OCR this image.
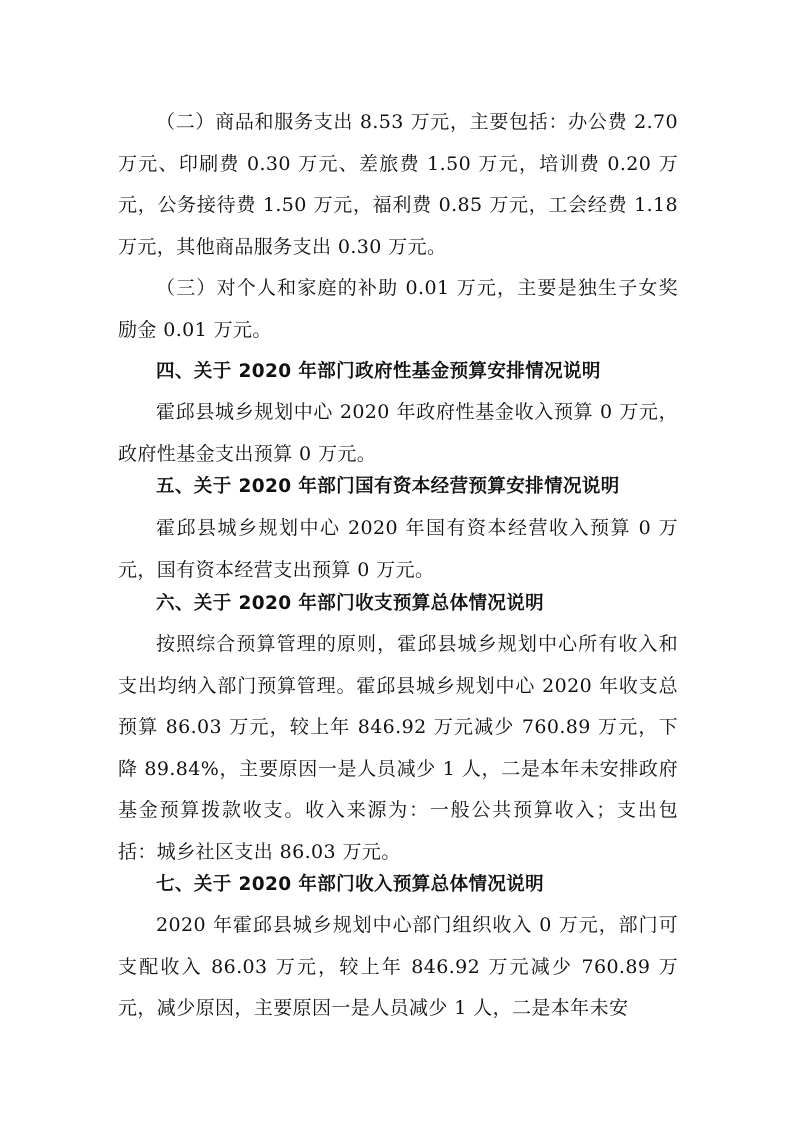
（二）商品和服务支出 8.53 万元，主要包括：办公费 2.70 万元、印刷费 0.30 万元、差旅费 1.50 万元，培训费 0.20 万元，公务接待费 1.50 万元，福利费 0.85 万元，工会经费 1.18 万元，其他商品服务支出 0.30 万元。

（三）对个人和家庭的补助 0.01 万元，主要是独生子女奖励金 0.01 万元。

四、关于 2020 年部门政府性基金预算安排情况说明

霍邱县城乡规划中心 2020 年政府性基金收入预算 0 万元，政府性基金支出预算 0 万元。

五、关于 2020 年部门国有资本经营预算安排情况说明

霍邱县城乡规划中心 2020 年国有资本经营收入预算 0 万元，国有资本经营支出预算 0 万元。

六、关于 2020 年部门收支预算总体情况说明

按照综合预算管理的原则，霍邱县城乡规划中心所有收入和支出均纳入部门预算管理。霍邱县城乡规划中心 2020 年收支总预算 86.03 万元，较上年 846.92 万元减少 760.89 万元，下降 89.84%，主要原因一是人员减少 1 人，二是本年未安排政府基金预算拨款收支。收入来源为：一般公共预算收入；支出包括：城乡社区支出 86.03 万元。

七、关于 2020 年部门收入预算总体情况说明

2020 年霍邱县城乡规划中心部门组织收入 0 万元，部门可支配收入 86.03 万元，较上年 846.92 万元减少 760.89 万元，减少原因，主要原因一是人员减少 1 人，二是本年未安
